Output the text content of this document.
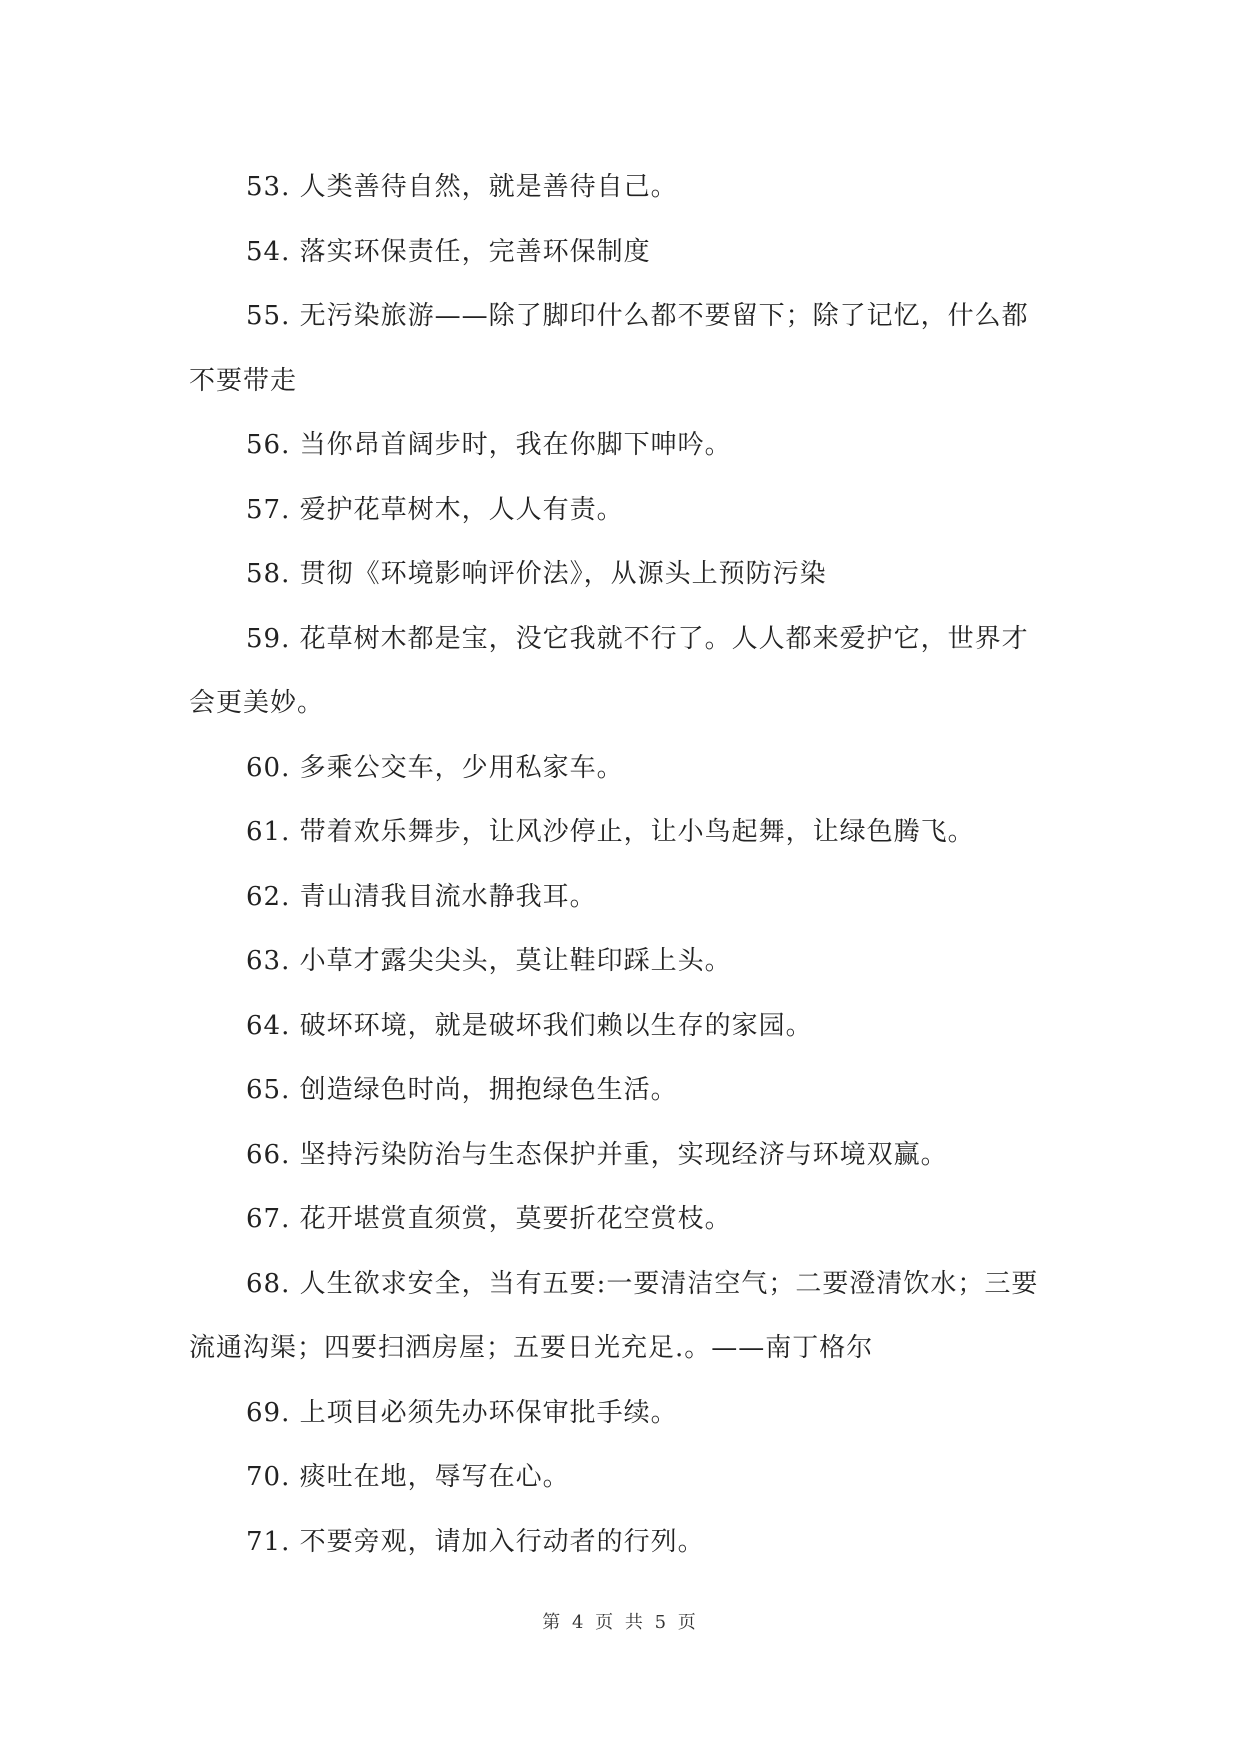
53. 人类善待自然，就是善待自己。

54. 落实环保责任，完善环保制度

55. 无污染旅游——除了脚印什么都不要留下；除了记忆，什么都不要带走

56. 当你昂首阔步时，我在你脚下呻吟。

57. 爱护花草树木，人人有责。

58. 贯彻《环境影响评价法》，从源头上预防污染

59. 花草树木都是宝，没它我就不行了。人人都来爱护它，世界才会更美妙。

60. 多乘公交车，少用私家车。

61. 带着欢乐舞步，让风沙停止，让小鸟起舞，让绿色腾飞。

62. 青山清我目流水静我耳。

63. 小草才露尖尖头，莫让鞋印踩上头。

64. 破坏环境，就是破坏我们赖以生存的家园。

65. 创造绿色时尚，拥抱绿色生活。

66. 坚持污染防治与生态保护并重，实现经济与环境双赢。

67. 花开堪赏直须赏，莫要折花空赏枝。

68. 人生欲求安全，当有五要:一要清洁空气；二要澄清饮水；三要流通沟渠；四要扫洒房屋；五要日光充足.。——南丁格尔

69. 上项目必须先办环保审批手续。

70. 痰吐在地，辱写在心。

71. 不要旁观，请加入行动者的行列。

第 4 页 共 5 页
